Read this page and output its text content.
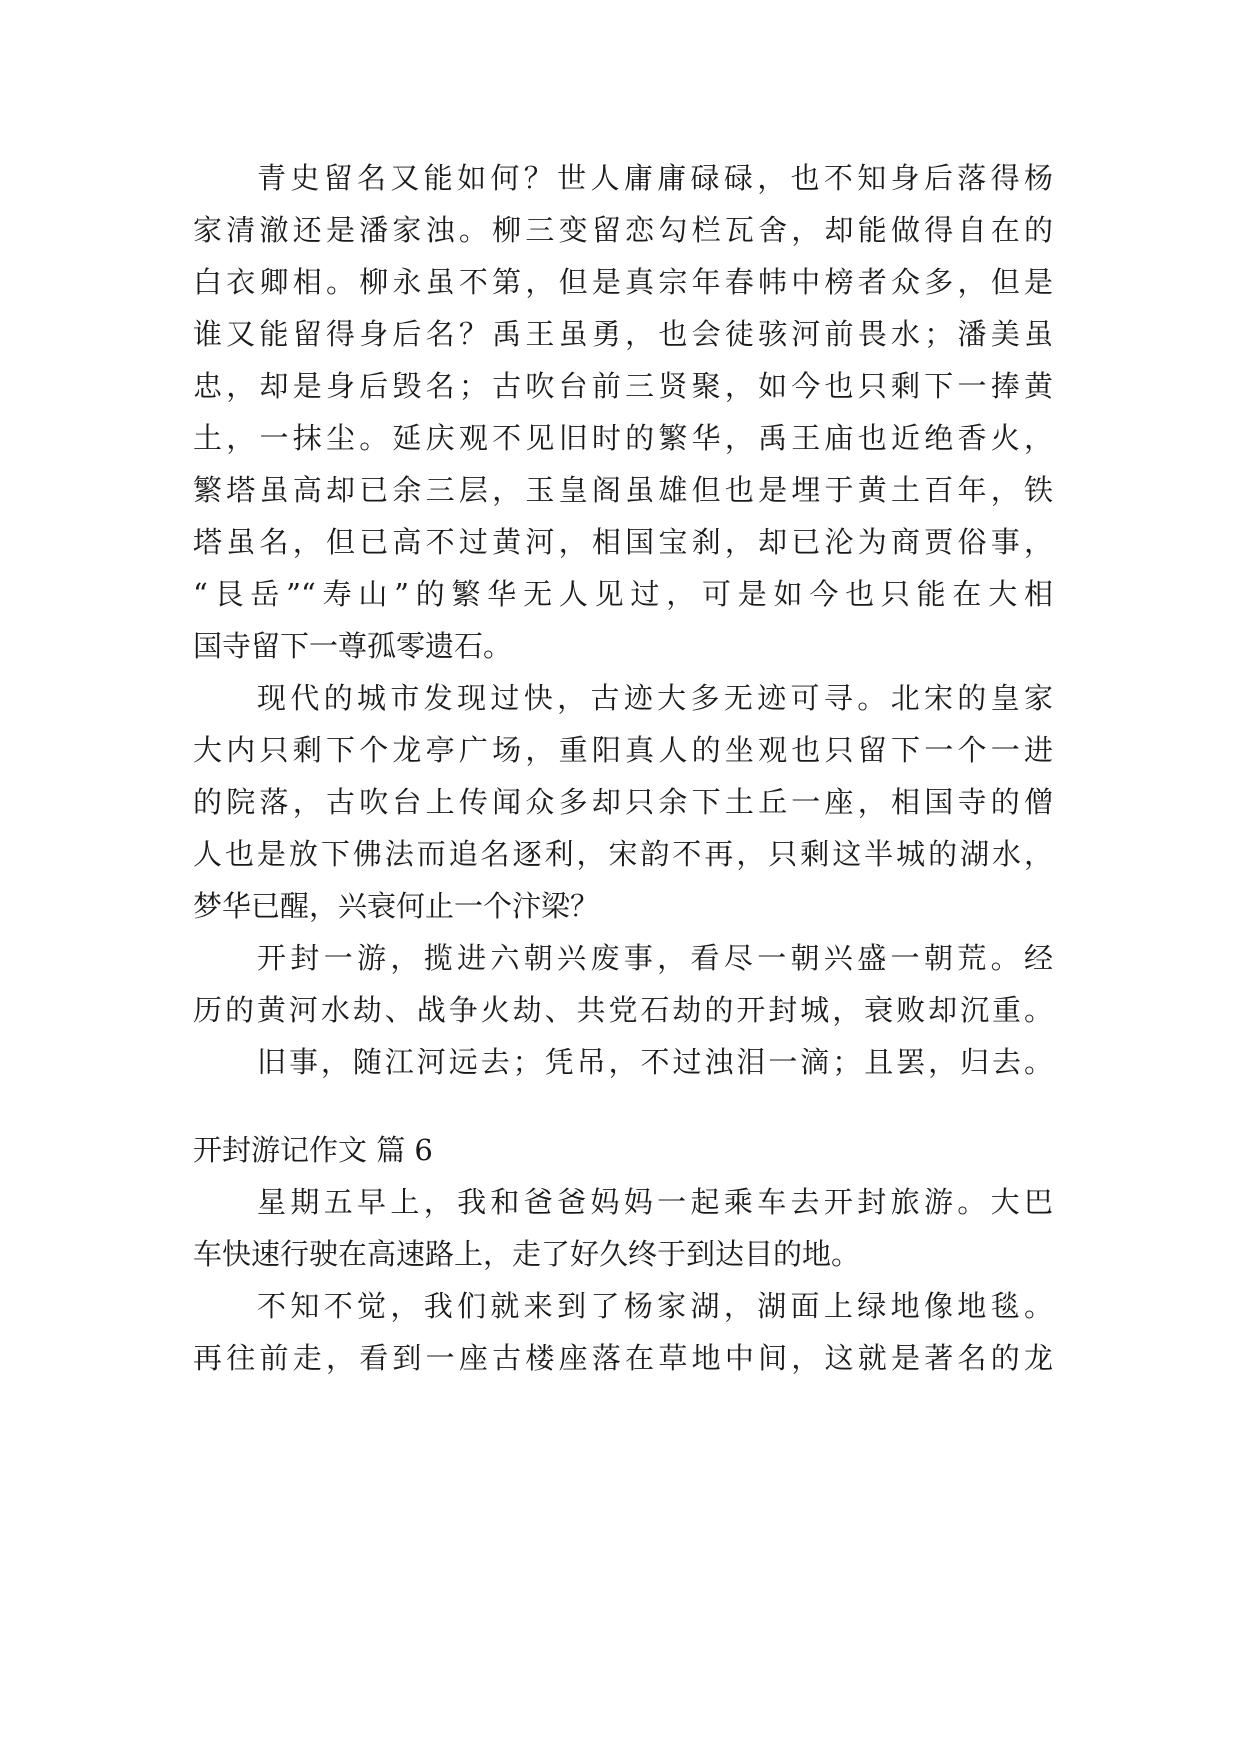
青史留名又能如何？世人庸庸碌碌，也不知身后落得杨
家清澈还是潘家浊。柳三变留恋勾栏瓦舍，却能做得自在的
白衣卿相。柳永虽不第，但是真宗年春帏中榜者众多，但是
谁又能留得身后名？禹王虽勇，也会徒骇河前畏水；潘美虽
忠，却是身后毁名；古吹台前三贤聚，如今也只剩下一捧黄
土，一抹尘。延庆观不见旧时的繁华，禹王庙也近绝香火，
繁塔虽高却已余三层，玉皇阁虽雄但也是埋于黄土百年，铁
塔虽名，但已高不过黄河，相国宝刹，却已沦为商贾俗事，
“艮岳”“寿山”的繁华无人见过，可是如今也只能在大相
国寺留下一尊孤零遗石。
现代的城市发现过快，古迹大多无迹可寻。北宋的皇家
大内只剩下个龙亭广场，重阳真人的坐观也只留下一个一进
的院落，古吹台上传闻众多却只余下土丘一座，相国寺的僧
人也是放下佛法而追名逐利，宋韵不再，只剩这半城的湖水，
梦华已醒，兴衰何止一个汴梁？
开封一游，揽进六朝兴废事，看尽一朝兴盛一朝荒。经
历的黄河水劫、战争火劫、共党石劫的开封城，衰败却沉重。
旧事，随江河远去；凭吊，不过浊泪一滴；且罢，归去。
开封游记作文 篇 6
星期五早上，我和爸爸妈妈一起乘车去开封旅游。大巴
车快速行驶在高速路上，走了好久终于到达目的地。
不知不觉，我们就来到了杨家湖，湖面上绿地像地毯。
再往前走，看到一座古楼座落在草地中间，这就是著名的龙
